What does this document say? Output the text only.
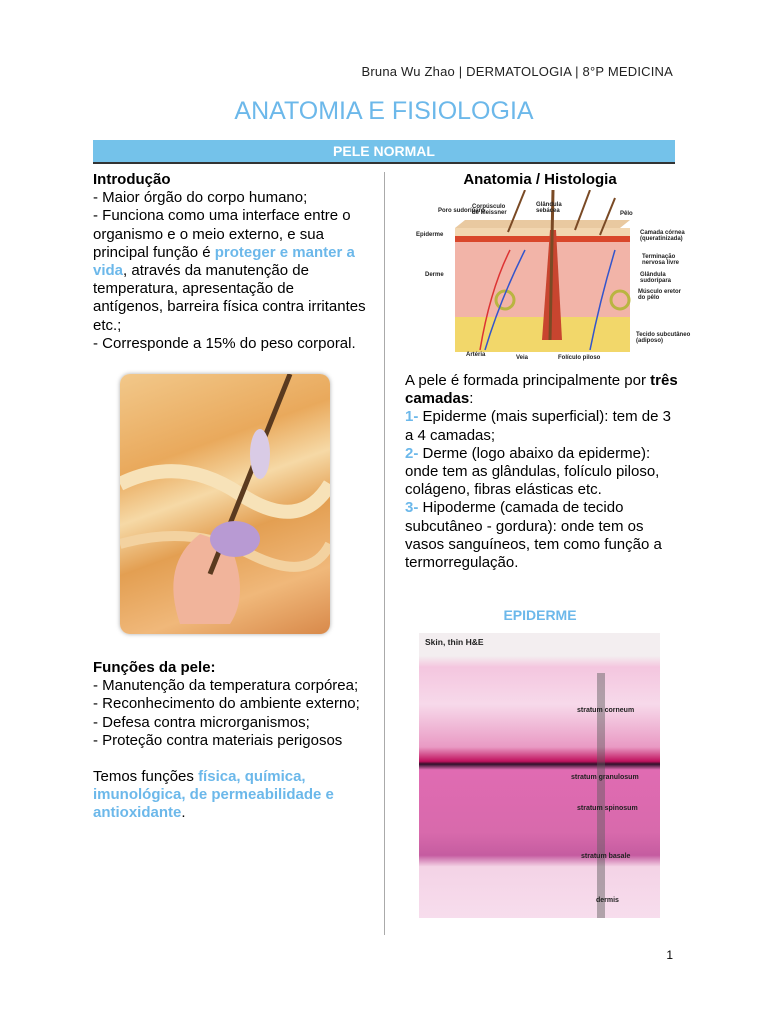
Bruna Wu Zhao | DERMATOLOGIA | 8°P MEDICINA
ANATOMIA E FISIOLOGIA
PELE NORMAL
Introdução
- Maior órgão do corpo humano;
- Funciona como uma interface entre o organismo e o meio externo, e sua principal função é proteger e manter a vida, através da manutenção de temperatura, apresentação de antígenos, barreira física contra irritantes etc.;
- Corresponde a 15% do peso corporal.
Funções da pele:
- Manutenção da temperatura corpórea;
- Reconhecimento do ambiente externo;
- Defesa contra microrganismos;
- Proteção contra materiais perigosos
Temos funções física, química, imunológica, de permeabilidade e antioxidante.
Anatomia / Histologia
Poro sudoríparo
Corpúsculo de Meissner
Glândula sebácea	Pêlo
Epiderme
Derme
Camada córnea (queratinizada)
Terminação nervosa livre
Glândula sudorípara
Músculo eretor do pêlo
Tecido subcutâneo (adiposo)
Artéria	Veia	Folículo piloso
A pele é formada principalmente por três camadas:
1- Epiderme (mais superficial): tem de 3 a 4 camadas;
2- Derme (logo abaixo da epiderme): onde tem as glândulas, folículo piloso, colágeno, fibras elásticas etc.
3- Hipoderme (camada de tecido subcutâneo - gordura): onde tem os vasos sanguíneos, tem como função a termorregulação.
EPIDERME
Skin, thin H&E
stratum corneum
stratum granulosum
stratum spinosum
stratum basale
dermis
1
